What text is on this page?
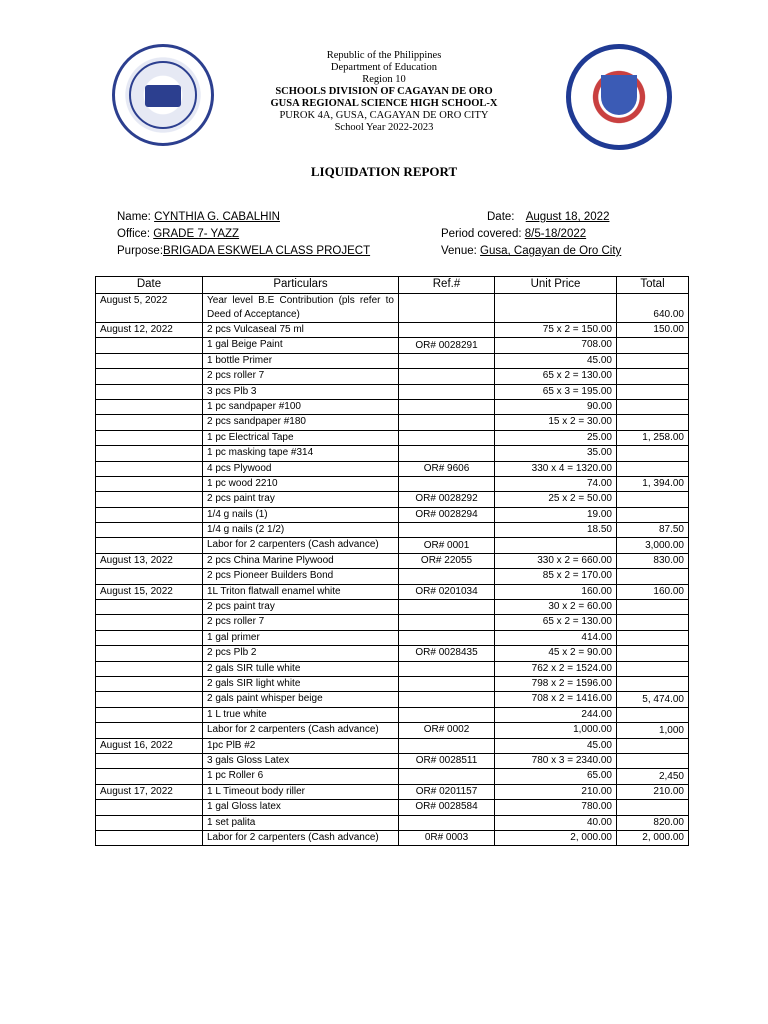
Republic of the Philippines
Department of Education
Region 10
SCHOOLS DIVISION OF CAGAYAN DE ORO
GUSA REGIONAL SCIENCE HIGH SCHOOL-X
PUROK 4A, GUSA, CAGAYAN DE ORO CITY
School Year 2022-2023
LIQUIDATION REPORT
Name: CYNTHIA G. CABALHIN
Office: GRADE 7- YAZZ
Purpose:BRIGADA ESKWELA CLASS PROJECT
Date: August 18, 2022
Period covered: 8/5-18/2022
Venue: Gusa, Cagayan de Oro City
Date	Particulars	Ref.#	Unit Price	Total
August 5, 2022	Year level B.E Contribution (pls refer to Deed of Acceptance)			640.00
August 12, 2022	2 pcs Vulcaseal 75 ml		75 x 2 = 150.00	150.00
	1 gal Beige Paint	OR# 0028291	708.00	
	1 bottle Primer		45.00	
	2 pcs roller 7		65 x 2 = 130.00	
	3 pcs Plb 3		65 x 3 = 195.00	
	1 pc sandpaper #100		90.00	
	2 pcs sandpaper #180		15 x 2 = 30.00	
	1 pc Electrical Tape		25.00	1, 258.00
	1 pc masking tape #314		35.00	
	4 pcs Plywood	OR# 9606	330 x 4 = 1320.00	
	1 pc wood 2210		74.00	1, 394.00
	2 pcs paint tray	OR# 0028292	25 x 2 = 50.00	
	1/4 g nails (1)	OR# 0028294	19.00	
	1/4 g nails (2 1/2)		18.50	87.50
	Labor for 2 carpenters (Cash advance)	OR# 0001		3,000.00
August 13, 2022	2 pcs China Marine Plywood	OR# 22055	330 x 2 = 660.00	830.00
	2 pcs Pioneer Builders Bond		85 x 2 = 170.00	
August 15, 2022	1L Triton flatwall enamel white	OR# 0201034	160.00	160.00
	2 pcs paint tray		30 x 2 = 60.00	
	2 pcs roller 7		65 x 2 = 130.00	
	1 gal primer		414.00	
	2 pcs Plb 2	OR# 0028435	45 x 2 = 90.00	
	2 gals SIR tulle white		762 x 2 = 1524.00	
	2 gals SIR light white		798 x 2 = 1596.00	
	2 gals paint whisper beige		708 x 2 = 1416.00	5, 474.00
	1 L true white		244.00	
	Labor for 2 carpenters (Cash advance)	OR# 0002	1,000.00	1,000
August 16, 2022	1pc PlB #2		45.00	
	3 gals Gloss Latex	OR# 0028511	780 x 3 = 2340.00	
	1 pc Roller 6		65.00	2,450
August 17, 2022	1 L Timeout body riller	OR# 0201157	210.00	210.00
	1 gal Gloss latex	OR# 0028584	780.00	
	1 set palita		40.00	820.00
	Labor for 2 carpenters (Cash advance)	0R# 0003	2, 000.00	2, 000.00
